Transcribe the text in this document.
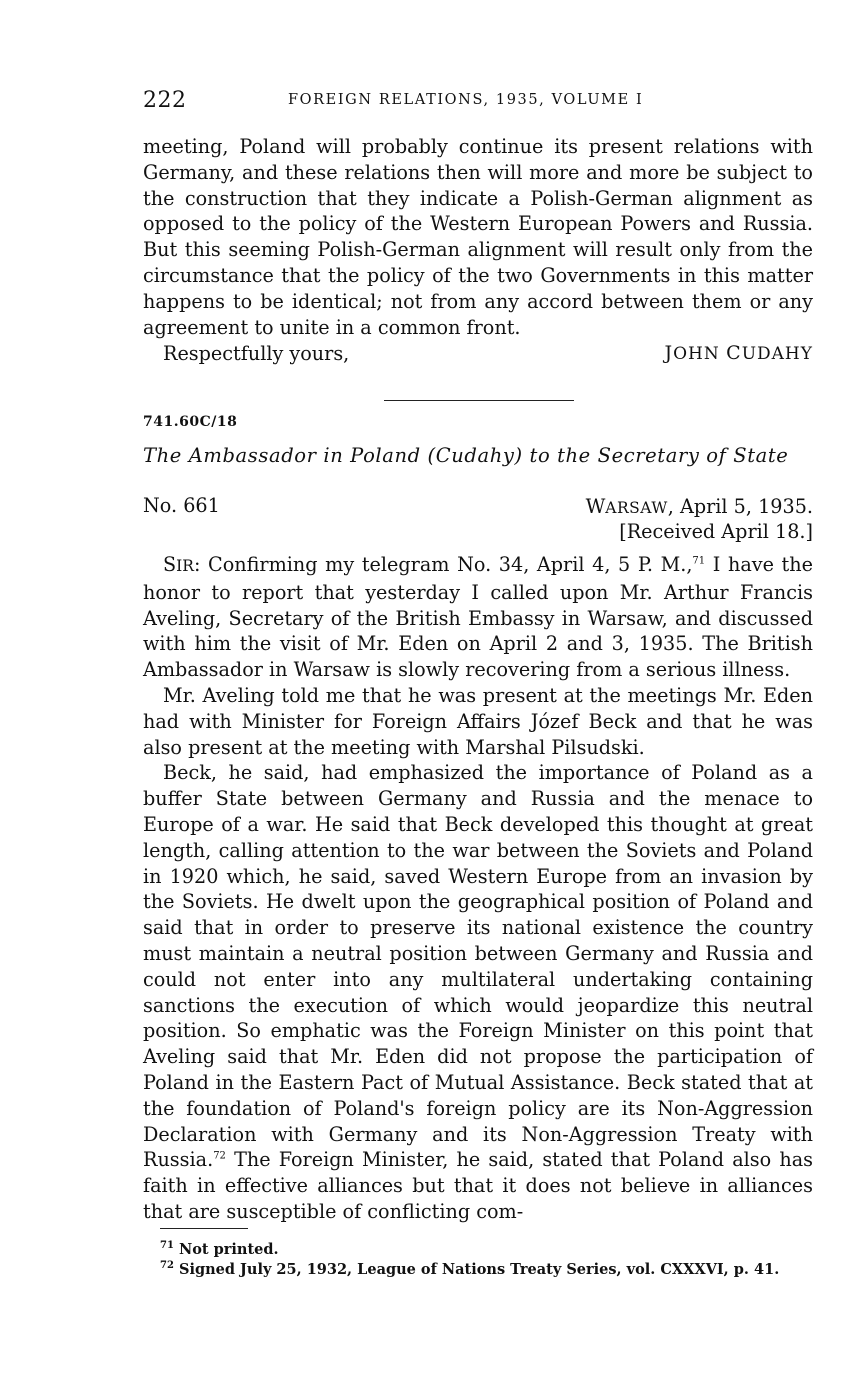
222	FOREIGN RELATIONS, 1935, VOLUME I

meeting, Poland will probably continue its present relations with Germany, and these relations then will more and more be subject to the construction that they indicate a Polish-German alignment as opposed to the policy of the Western European Powers and Russia. But this seeming Polish-German alignment will result only from the circumstance that the policy of the two Governments in this matter happens to be identical; not from any accord between them or any agreement to unite in a common front.

Respectfully yours,	JOHN CUDAHY
741.60C/18
The Ambassador in Poland (Cudahy) to the Secretary of State
No. 661	WARSAW, April 5, 1935.
[Received April 18.]

SIR: Confirming my telegram No. 34, April 4, 5 P. M.,$^{71}$ I have the honor to report that yesterday I called upon Mr. Arthur Francis Aveling, Secretary of the British Embassy in Warsaw, and discussed with him the visit of Mr. Eden on April 2 and 3, 1935. The British Ambassador in Warsaw is slowly recovering from a serious illness.

Mr. Aveling told me that he was present at the meetings Mr. Eden had with Minister for Foreign Affairs Józef Beck and that he was also present at the meeting with Marshal Pilsudski.

Beck, he said, had emphasized the importance of Poland as a buffer State between Germany and Russia and the menace to Europe of a war. He said that Beck developed this thought at great length, calling attention to the war between the Soviets and Poland in 1920 which, he said, saved Western Europe from an invasion by the Soviets. He dwelt upon the geographical position of Poland and said that in order to preserve its national existence the country must maintain a neutral position between Germany and Russia and could not enter into any multilateral undertaking containing sanctions the execution of which would jeopardize this neutral position. So emphatic was the Foreign Minister on this point that Aveling said that Mr. Eden did not propose the participation of Poland in the Eastern Pact of Mutual Assistance. Beck stated that at the foundation of Poland's foreign policy are its Non-Aggression Declaration with Germany and its Non-Aggression Treaty with Russia.$^{72}$ The Foreign Minister, he said, stated that Poland also has faith in effective alliances but that it does not believe in alliances that are susceptible of conflicting com-

$^{71}$ Not printed.
$^{72}$ Signed July 25, 1932, League of Nations Treaty Series, vol. CXXXVI, p. 41.
